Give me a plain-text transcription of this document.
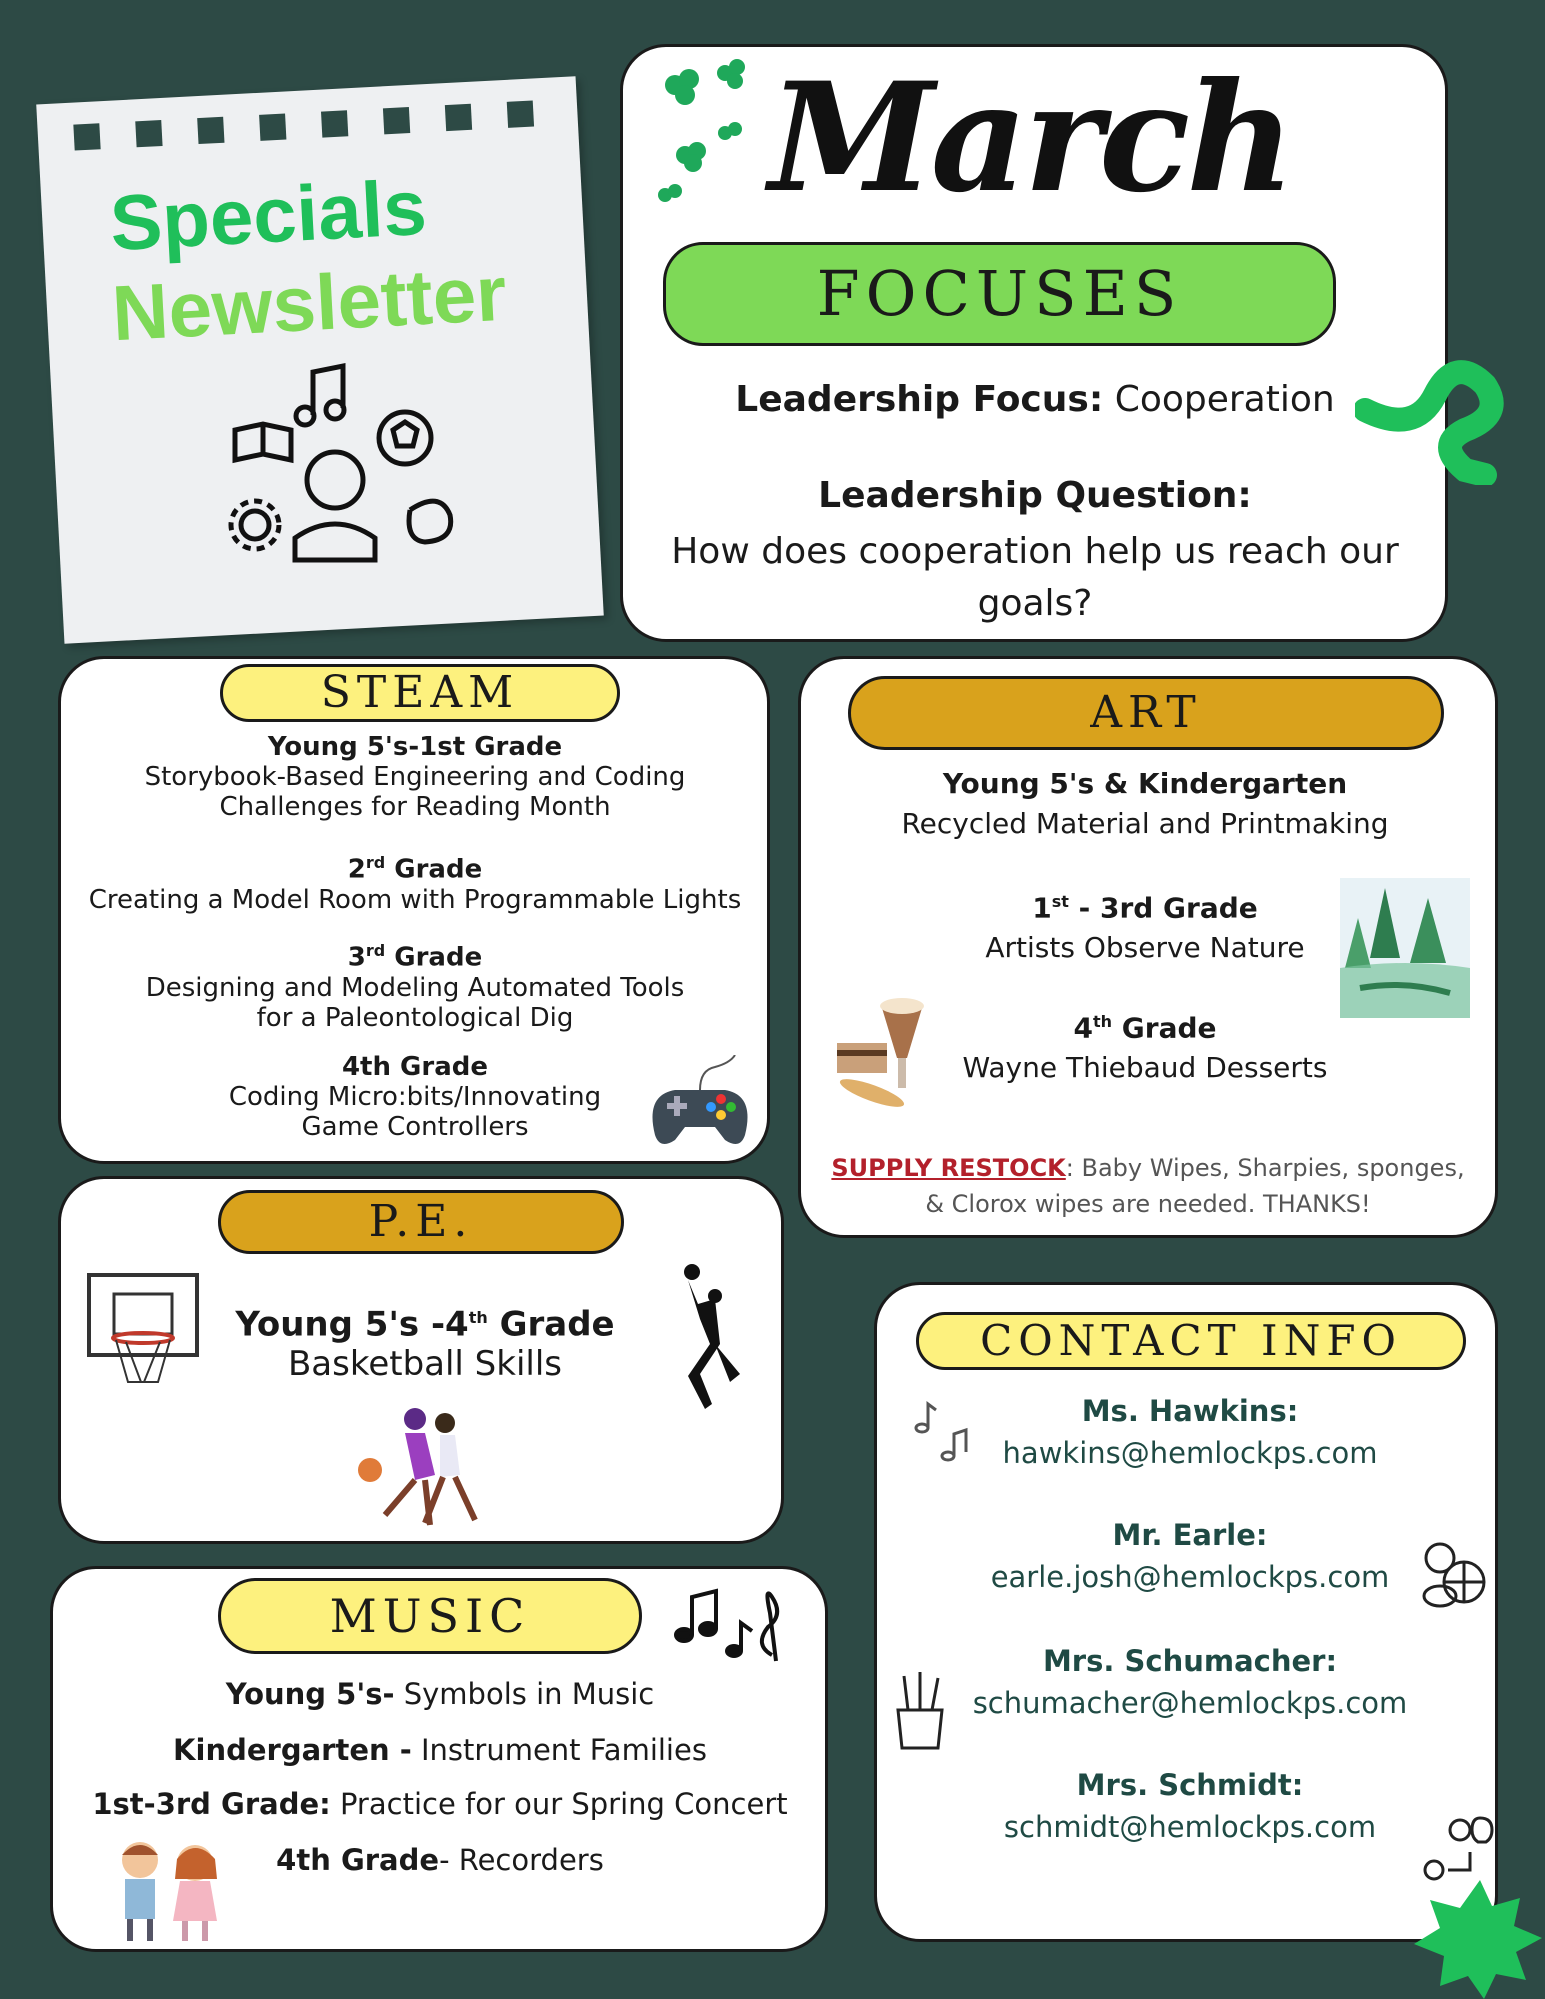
Specials
Newsletter
March
FOCUSES
Leadership Focus: Cooperation
Leadership Question:
How does cooperation help us reach our goals?
STEAM
Young 5's-1st Grade
Storybook-Based Engineering and Coding Challenges for Reading Month
2rd Grade
Creating a Model Room with Programmable Lights
3rd Grade
Designing and Modeling Automated Tools for a Paleontological Dig
4th Grade
Coding Micro:bits/Innovating Game Controllers
ART
Young 5's & Kindergarten
Recycled Material and Printmaking
1st - 3rd Grade
Artists Observe Nature
4th Grade
Wayne Thiebaud Desserts
SUPPLY RESTOCK: Baby Wipes, Sharpies, sponges, & Clorox wipes are needed. THANKS!
P.E.
Young 5's -4th Grade
Basketball Skills
MUSIC
Young 5's- Symbols in Music
Kindergarten - Instrument Families
1st-3rd Grade: Practice for our Spring Concert
4th Grade- Recorders
CONTACT INFO
Ms. Hawkins:
hawkins@hemlockps.com
Mr. Earle:
earle.josh@hemlockps.com
Mrs. Schumacher:
schumacher@hemlockps.com
Mrs. Schmidt:
schmidt@hemlockps.com
